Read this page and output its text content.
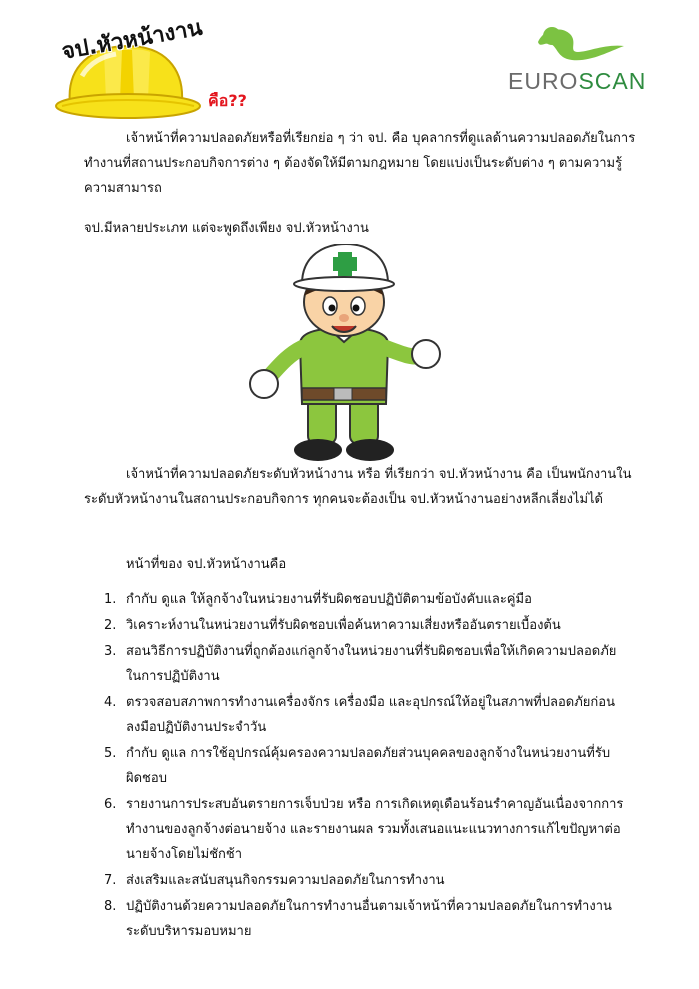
จป.หัวหน้างาน
คือ??
EUROSCAN

เจ้าหน้าที่ความปลอดภัยหรือที่เรียกย่อ ๆ ว่า จป. คือ บุคลากรที่ดูแลด้านความปลอดภัยในการทำงานที่สถานประกอบกิจการต่าง ๆ ต้องจัดให้มีตามกฎหมาย โดยแบ่งเป็นระดับต่าง ๆ ตามความรู้ความสามารถ

จป.มีหลายประเภท แต่จะพูดถึงเพียง จป.หัวหน้างาน

เจ้าหน้าที่ความปลอดภัยระดับหัวหน้างาน หรือ ที่เรียกว่า จป.หัวหน้างาน คือ เป็นพนักงานในระดับหัวหน้างานในสถานประกอบกิจการ ทุกคนจะต้องเป็น จป.หัวหน้างานอย่างหลีกเลี่ยงไม่ได้

หน้าที่ของ จป.หัวหน้างานคือ

1. กำกับ ดูแล ให้ลูกจ้างในหน่วยงานที่รับผิดชอบปฏิบัติตามข้อบังคับและคู่มือ
2. วิเคราะห์งานในหน่วยงานที่รับผิดชอบเพื่อค้นหาความเสี่ยงหรืออันตรายเบื้องต้น
3. สอนวิธีการปฏิบัติงานที่ถูกต้องแก่ลูกจ้างในหน่วยงานที่รับผิดชอบเพื่อให้เกิดความปลอดภัยในการปฏิบัติงาน
4. ตรวจสอบสภาพการทำงานเครื่องจักร เครื่องมือ และอุปกรณ์ให้อยู่ในสภาพที่ปลอดภัยก่อนลงมือปฏิบัติงานประจำวัน
5. กำกับ ดูแล การใช้อุปกรณ์คุ้มครองความปลอดภัยส่วนบุคคลของลูกจ้างในหน่วยงานที่รับผิดชอบ
6. รายงานการประสบอันตรายการเจ็บป่วย หรือ การเกิดเหตุเดือนร้อนรำคาญอันเนื่องจากการทำงานของลูกจ้างต่อนายจ้าง และรายงานผล รวมทั้งเสนอแนะแนวทางการแก้ไขปัญหาต่อนายจ้างโดยไม่ชักช้า
7. ส่งเสริมและสนับสนุนกิจกรรมความปลอดภัยในการทำงาน
8. ปฏิบัติงานด้วยความปลอดภัยในการทำงานอื่นตามเจ้าหน้าที่ความปลอดภัยในการทำงานระดับบริหารมอบหมาย
